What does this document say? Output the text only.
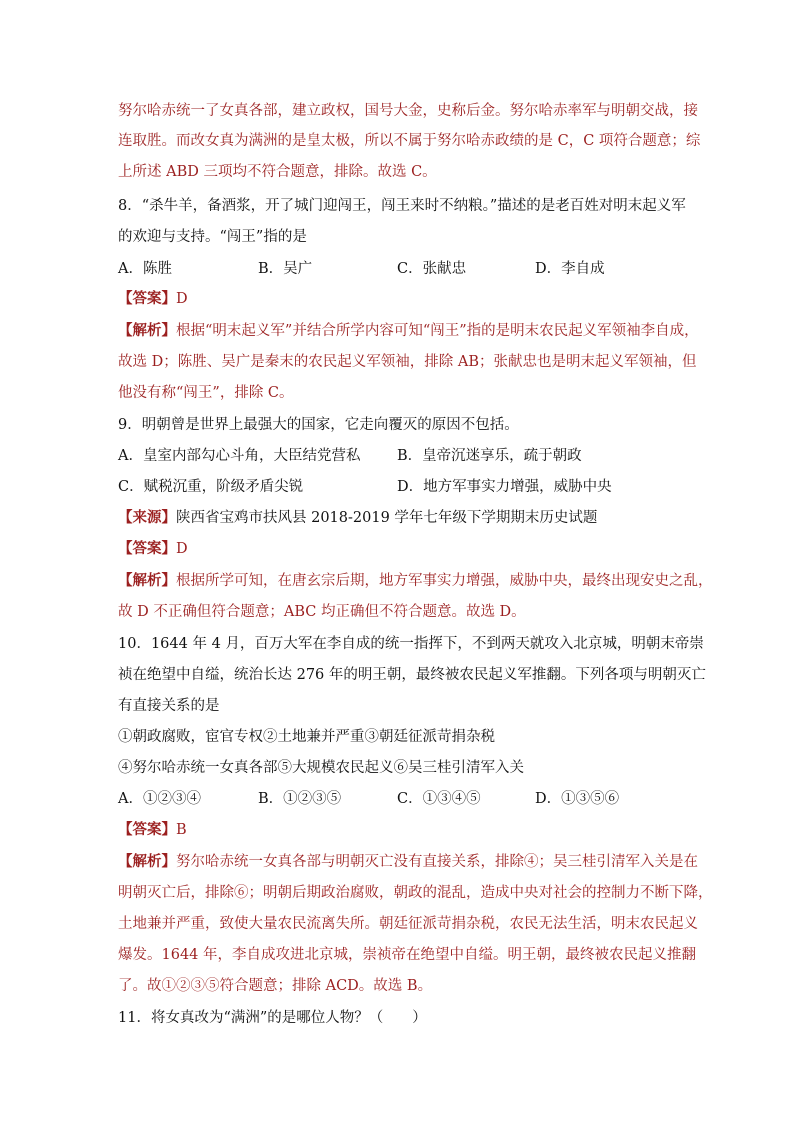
努尔哈赤统一了女真各部，建立政权，国号大金，史称后金。努尔哈赤率军与明朝交战，接
连取胜。而改女真为满洲的是皇太极，所以不属于努尔哈赤政绩的是 C，C 项符合题意；综
上所述 ABD 三项均不符合题意，排除。故选 C。
8．“杀牛羊，备酒浆，开了城门迎闯王，闯王来时不纳粮。”描述的是老百姓对明末起义军
的欢迎与支持。“闯王”指的是
A．陈胜	B．吴广	C．张献忠	D．李自成
【答案】D
【解析】根据“明末起义军”并结合所学内容可知“闯王”指的是明末农民起义军领袖李自成，
故选 D；陈胜、吴广是秦末的农民起义军领袖，排除 AB；张献忠也是明末起义军领袖，但
他没有称“闯王”，排除 C。
9．明朝曾是世界上最强大的国家，它走向覆灭的原因不包括。
A．皇室内部勾心斗角，大臣结党营私	B．皇帝沉迷享乐，疏于朝政
C．赋税沉重，阶级矛盾尖锐	D．地方军事实力增强，威胁中央
【来源】陕西省宝鸡市扶风县 2018-2019 学年七年级下学期期末历史试题
【答案】D
【解析】根据所学可知，在唐玄宗后期，地方军事实力增强，威胁中央，最终出现安史之乱，
故 D 不正确但符合题意；ABC 均正确但不符合题意。故选 D。
10．1644 年 4 月，百万大军在李自成的统一指挥下，不到两天就攻入北京城，明朝末帝崇
祯在绝望中自缢，统治长达 276 年的明王朝，最终被农民起义军推翻。下列各项与明朝灭亡
有直接关系的是
①朝政腐败，宦官专权②土地兼并严重③朝廷征派苛捐杂税
④努尔哈赤统一女真各部⑤大规模农民起义⑥吴三桂引清军入关
A．①②③④	B．①②③⑤	C．①③④⑤	D．①③⑤⑥
【答案】B
【解析】努尔哈赤统一女真各部与明朝灭亡没有直接关系，排除④；吴三桂引清军入关是在
明朝灭亡后，排除⑥；明朝后期政治腐败，朝政的混乱，造成中央对社会的控制力不断下降，
土地兼并严重，致使大量农民流离失所。朝廷征派苛捐杂税，农民无法生活，明末农民起义
爆发。1644 年，李自成攻进北京城，崇祯帝在绝望中自缢。明王朝，最终被农民起义推翻
了。故①②③⑤符合题意；排除 ACD。故选 B。
11．将女真改为“满洲”的是哪位人物？（　　）
